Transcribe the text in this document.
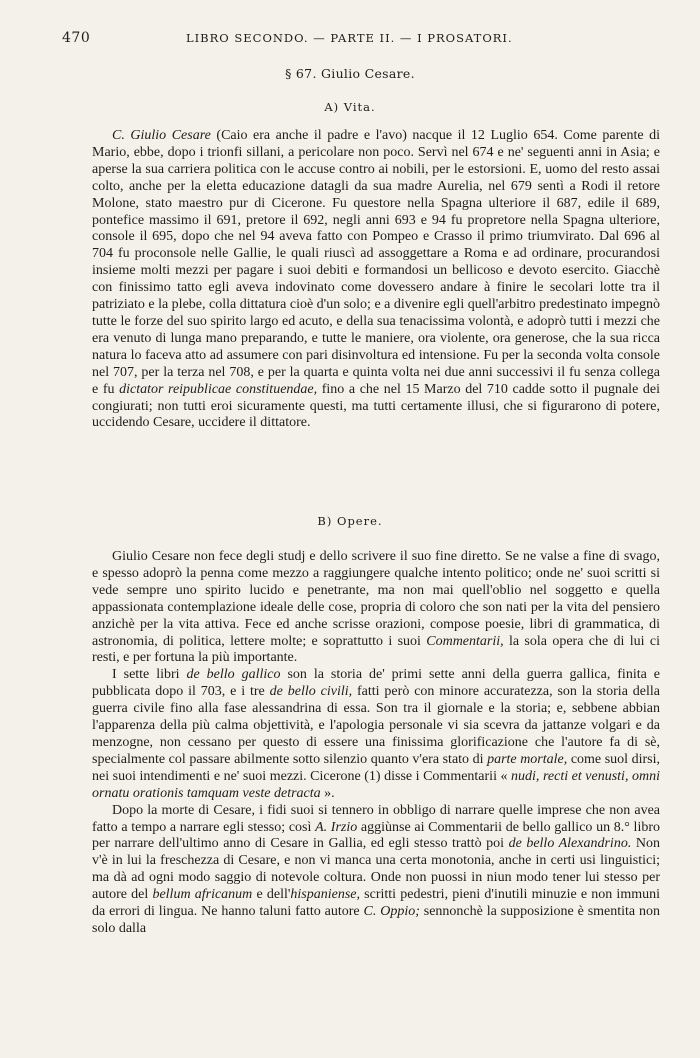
470	LIBRO SECONDO. — PARTE II. — I PROSATORI.
§ 67. Giulio Cesare.
A) Vita.

C. Giulio Cesare (Caio era anche il padre e l'avo) nacque il 12 Luglio 654. Come parente di Mario, ebbe, dopo i trionfi sillani, a pericolare non poco. Servì nel 674 e ne' seguenti anni in Asia; e aperse la sua carriera politica con le accuse contro ai nobili, per le estorsioni. E, uomo del resto assai colto, anche per la eletta educazione datagli da sua madre Aurelia, nel 679 sentì a Rodi il retore Molone, stato maestro pur di Cicerone. Fu questore nella Spagna ulteriore il 687, edile il 689, pontefice massimo il 691, pretore il 692, negli anni 693 e 94 fu propretore nella Spagna ulteriore, console il 695, dopo che nel 94 aveva fatto con Pompeo e Crasso il primo triumvirato. Dal 696 al 704 fu proconsole nelle Gallie, le quali riuscì ad assoggettare a Roma e ad ordinare, procurandosi insieme molti mezzi per pagare i suoi debiti e formandosi un bellicoso e devoto esercito. Giacchè con finissimo tatto egli aveva indovinato come dovessero andare à finire le secolari lotte tra il patriziato e la plebe, colla dittatura cioè d'un solo; e a divenire egli quell'arbitro predestinato impegnò tutte le forze del suo spirito largo ed acuto, e della sua tenacissima volontà, e adoprò tutti i mezzi che era venuto di lunga mano preparando, e tutte le maniere, ora violente, ora generose, che la sua ricca natura lo faceva atto ad assumere con pari disinvoltura ed intensione. Fu per la seconda volta console nel 707, per la terza nel 708, e per la quarta e quinta volta nei due anni successivi il fu senza collega e fu dictator reipublicae constituendae, fino a che nel 15 Marzo del 710 cadde sotto il pugnale dei congiurati; non tutti eroi sicuramente questi, ma tutti certamente illusi, che si figurarono di potere, uccidendo Cesare, uccidere il dittatore.

B) Opere.

Giulio Cesare non fece degli studj e dello scrivere il suo fine diretto. Se ne valse a fine di svago, e spesso adoprò la penna come mezzo a raggiungere qualche intento politico; onde ne' suoi scritti si vede sempre uno spirito lucido e penetrante, ma non mai quell'oblio nel soggetto e quella appassionata contemplazione ideale delle cose, propria di coloro che son nati per la vita del pensiero anzichè per la vita attiva. Fece ed anche scrisse orazioni, compose poesie, libri di grammatica, di astronomia, di politica, lettere molte; e soprattutto i suoi Commentarii, la sola opera che di lui ci resti, e per fortuna la più importante.

I sette libri de bello gallico son la storia de' primi sette anni della guerra gallica, finita e pubblicata dopo il 703, e i tre de bello civili, fatti però con minore accuratezza, son la storia della guerra civile fino alla fase alessandrina di essa. Son tra il giornale e la storia; e, sebbene abbian l'apparenza della più calma objettività, e l'apologia personale vi sia scevra da jattanze volgari e da menzogne, non cessano per questo di essere una finissima glorificazione che l'autore fa di sè, specialmente col passare abilmente sotto silenzio quanto v'era stato di parte mortale, come suol dirsi, nei suoi intendimenti e ne' suoi mezzi. Cicerone (1) disse i Commentarii « nudi, recti et venusti, omni ornatu orationis tamquam veste detracta ».

Dopo la morte di Cesare, i fidi suoi si tennero in obbligo di narrare quelle imprese che non avea fatto a tempo a narrare egli stesso; così A. Irzio aggiùnse ai Commentarii de bello gallico un 8.° libro per narrare dell'ultimo anno di Cesare in Gallia, ed egli stesso trattò poi de bello Alexandrino. Non v'è in lui la freschezza di Cesare, e non vi manca una certa monotonia, anche in certi usi linguistici; ma dà ad ogni modo saggio di notevole coltura. Onde non puossi in niun modo tener lui stesso per autore del bellum africanum e dell'hispaniense, scritti pedestri, pieni d'inutili minuzie e non immuni da errori di lingua. Ne hanno taluni fatto autore C. Oppio; sennonchè la supposizione è smentita non solo dalla
